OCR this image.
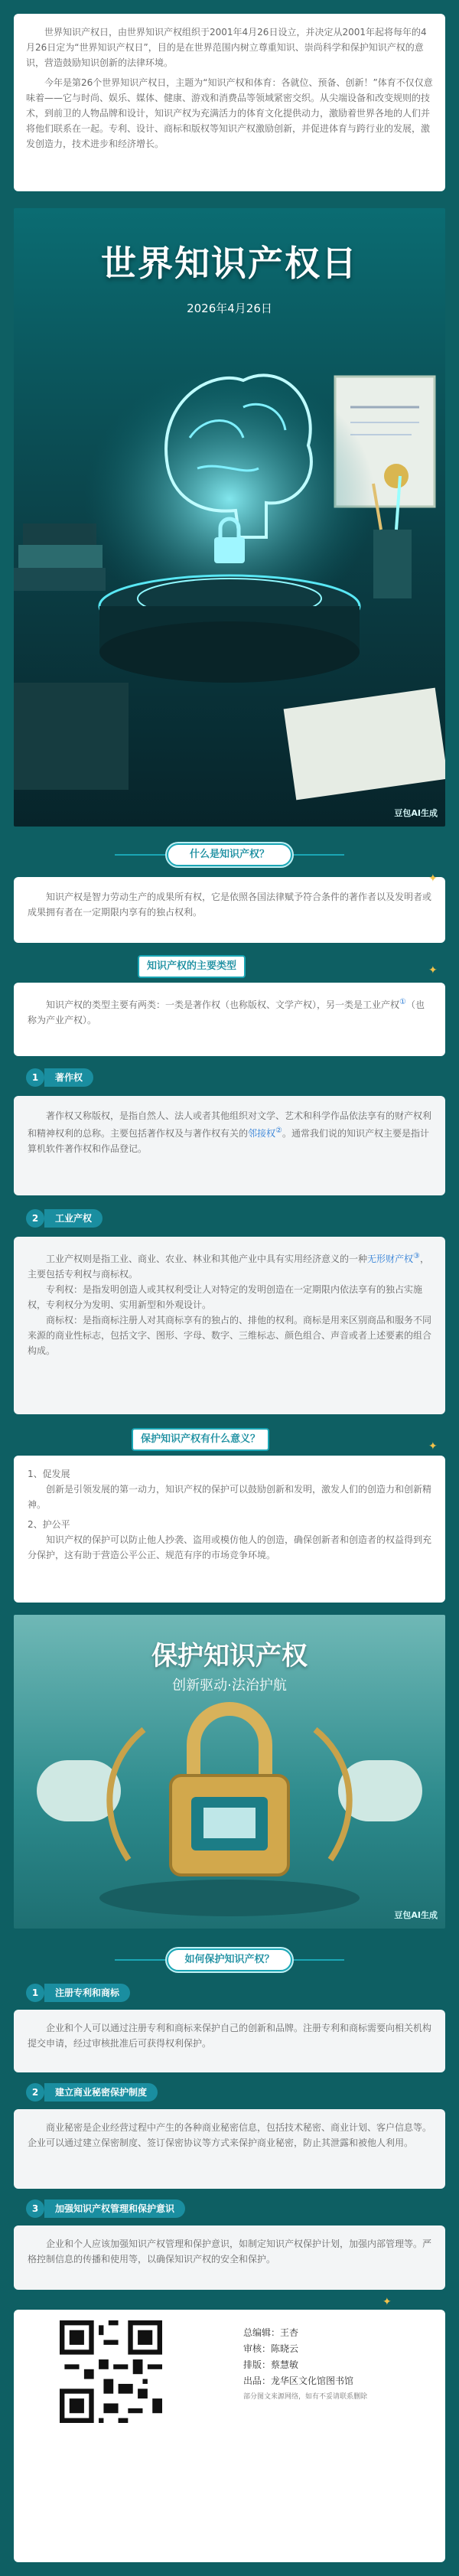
世界知识产权日，由世界知识产权组织于2001年4月26日设立，并决定从2001年起将每年的4月26日定为“世界知识产权日”，目的是在世界范围内树立尊重知识、崇尚科学和保护知识产权的意识，营造鼓励知识创新的法律环境。

今年是第26个世界知识产权日，主题为“知识产权和体育：各就位、预备、创新！”体育不仅仅意味着——它与时尚、娱乐、媒体、健康、游戏和消费品等领域紧密交织。从尖端设备和改变规则的技术，到前卫的人物品牌和设计，知识产权为充满活力的体育文化提供动力，激励着世界各地的人们并将他们联系在一起。专利、设计、商标和版权等知识产权激励创新，并促进体育与跨行业的发展，激发创造力，技术进步和经济增长。

世界知识产权日
2026年4月26日
豆包AI生成
什么是知识产权？

知识产权是智力劳动生产的成果所有权，它是依照各国法律赋予符合条件的著作者以及发明者或成果拥有者在一定期限内享有的独占权利。

✦
知识产权的主要类型

知识产权的类型主要有两类：一类是著作权（也称版权、文学产权），另一类是工业产权①（也称为产业产权）。

✦
1	著作权

著作权又称版权，是指自然人、法人或者其他组织对文学、艺术和科学作品依法享有的财产权利和精神权利的总称。主要包括著作权及与著作权有关的邻接权②。通常我们说的知识产权主要是指计算机软件著作权和作品登记。

2	工业产权

工业产权则是指工业、商业、农业、林业和其他产业中具有实用经济意义的一种无形财产权③，主要包括专利权与商标权。

专利权：是指发明创造人或其权利受让人对特定的发明创造在一定期限内依法享有的独占实施权，专利权分为发明、实用新型和外观设计。

商标权：是指商标注册人对其商标享有的独占的、排他的权利。商标是用来区别商品和服务不同来源的商业性标志，包括文字、图形、字母、数字、三维标志、颜色组合、声音或者上述要素的组合构成。

保护知识产权有什么意义？

1、促发展

创新是引领发展的第一动力，知识产权的保护可以鼓励创新和发明，激发人们的创造力和创新精神。

2、护公平

知识产权的保护可以防止他人抄袭、盗用或模仿他人的创造，确保创新者和创造者的权益得到充分保护，这有助于营造公平公正、规范有序的市场竞争环境。

✦
保护知识产权
创新驱动·法治护航
豆包AI生成
如何保护知识产权？
1	注册专利和商标

企业和个人可以通过注册专利和商标来保护自己的创新和品牌。注册专利和商标需要向相关机构提交申请，经过审核批准后可获得权利保护。

2	建立商业秘密保护制度

商业秘密是企业经营过程中产生的各种商业秘密信息，包括技术秘密、商业计划、客户信息等。企业可以通过建立保密制度、签订保密协议等方式来保护商业秘密，防止其泄露和被他人利用。

3	加强知识产权管理和保护意识

企业和个人应该加强知识产权管理和保护意识，如制定知识产权保护计划，加强内部管理等。严格控制信息的传播和使用等，以确保知识产权的安全和保护。

✦
总编辑：王杏
审核：陈晓云
排版：蔡慧敏
出品：龙华区文化馆图书馆
部分图文来源网络，如有不妥请联系删除
